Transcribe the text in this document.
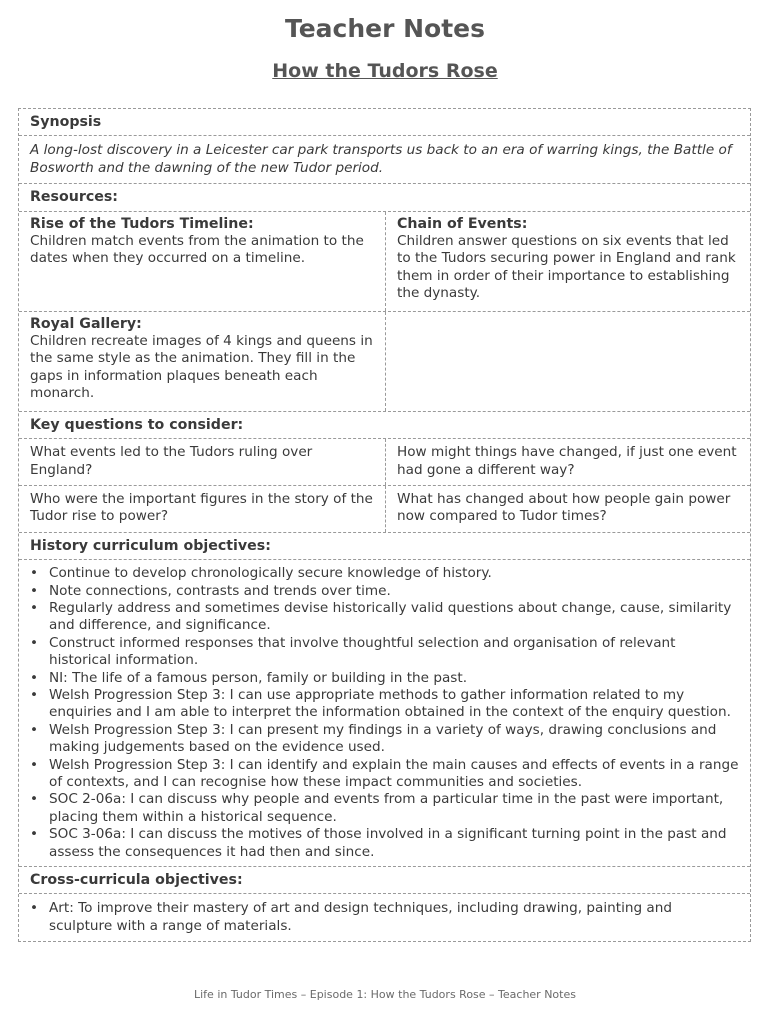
Teacher Notes
How the Tudors Rose
Synopsis
A long-lost discovery in a Leicester car park transports us back to an era of warring kings, the Battle of Bosworth and the dawning of the new Tudor period.
Resources:
Rise of the Tudors Timeline:
Children match events from the animation to the dates when they occurred on a timeline.
Chain of Events:
Children answer questions on six events that led to the Tudors securing power in England and rank them in order of their importance to establishing the dynasty.
Royal Gallery:
Children recreate images of 4 kings and queens in the same style as the animation. They fill in the gaps in information plaques beneath each monarch.
Key questions to consider:
What events led to the Tudors ruling over England?
How might things have changed, if just one event had gone a different way?
Who were the important figures in the story of the Tudor rise to power?
What has changed about how people gain power now compared to Tudor times?
History curriculum objectives:
• Continue to develop chronologically secure knowledge of history.
• Note connections, contrasts and trends over time.
• Regularly address and sometimes devise historically valid questions about change, cause, similarity and difference, and significance.
• Construct informed responses that involve thoughtful selection and organisation of relevant historical information.
• NI: The life of a famous person, family or building in the past.
• Welsh Progression Step 3: I can use appropriate methods to gather information related to my enquiries and I am able to interpret the information obtained in the context of the enquiry question.
• Welsh Progression Step 3: I can present my findings in a variety of ways, drawing conclusions and making judgements based on the evidence used.
• Welsh Progression Step 3: I can identify and explain the main causes and effects of events in a range of contexts, and I can recognise how these impact communities and societies.
• SOC 2-06a: I can discuss why people and events from a particular time in the past were important, placing them within a historical sequence.
• SOC 3-06a: I can discuss the motives of those involved in a significant turning point in the past and assess the consequences it had then and since.
Cross-curricula objectives:
• Art: To improve their mastery of art and design techniques, including drawing, painting and sculpture with a range of materials.
Life in Tudor Times – Episode 1: How the Tudors Rose – Teacher Notes
